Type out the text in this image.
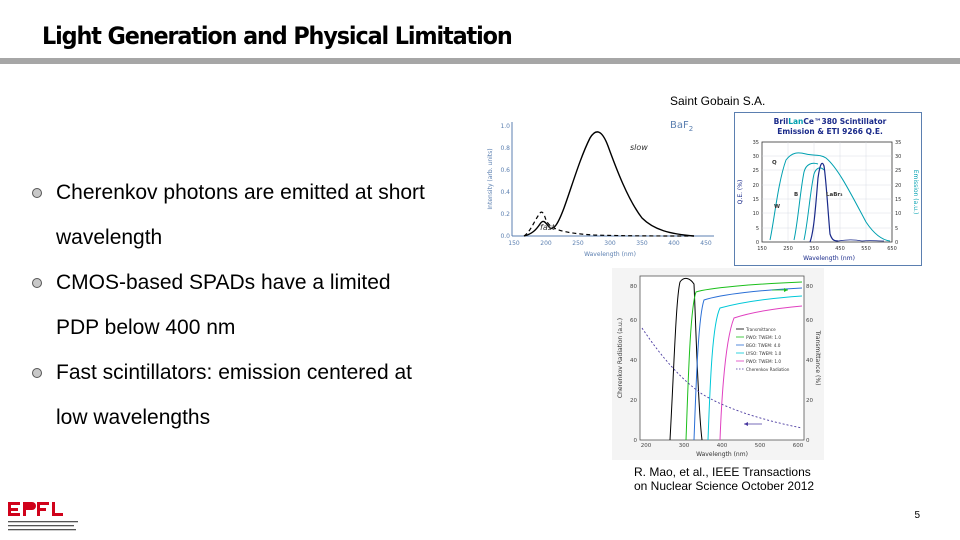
Light Generation and Physical Limitation
Cherenkov photons are emitted at short
wavelength
CMOS-based SPADs have a limited
PDP below 400 nm
Fast scintillators: emission centered at
low wavelengths
Saint Gobain S.A.
0.0
0.2
0.4
0.6
0.8
1.0
150	200	250	300	350	400	450
Wavelength (nm)
Intensity (arb. units)
BaF$_2$
slow
fast
BrilLanCe™380 Scintillator
Emission & ETI 9266 Q.E.
0
5
10
15
20
25
30
35
0
5
10
15
20
25
30
35
150	250	350	450	550	650
Wavelength (nm)
Q.E. (%)	Emission (a.u.)
Q
W
B	LaBr₃
0
20
40
60
80
0
20
40
60
80
200	300	400	500	600
Wavelength (nm)
Cherenkov Radiation (a.u.)	Transmittance (%)
Transmittance
PWO: TWEM: 1.0
BGO: TWEM: 4.0
LYSO: TWEM: 1.0
PWO: TWEM: 1.0
Cherenkov Radiation
R. Mao, et al., IEEE Transactions
on Nuclear Science October 2012
5
